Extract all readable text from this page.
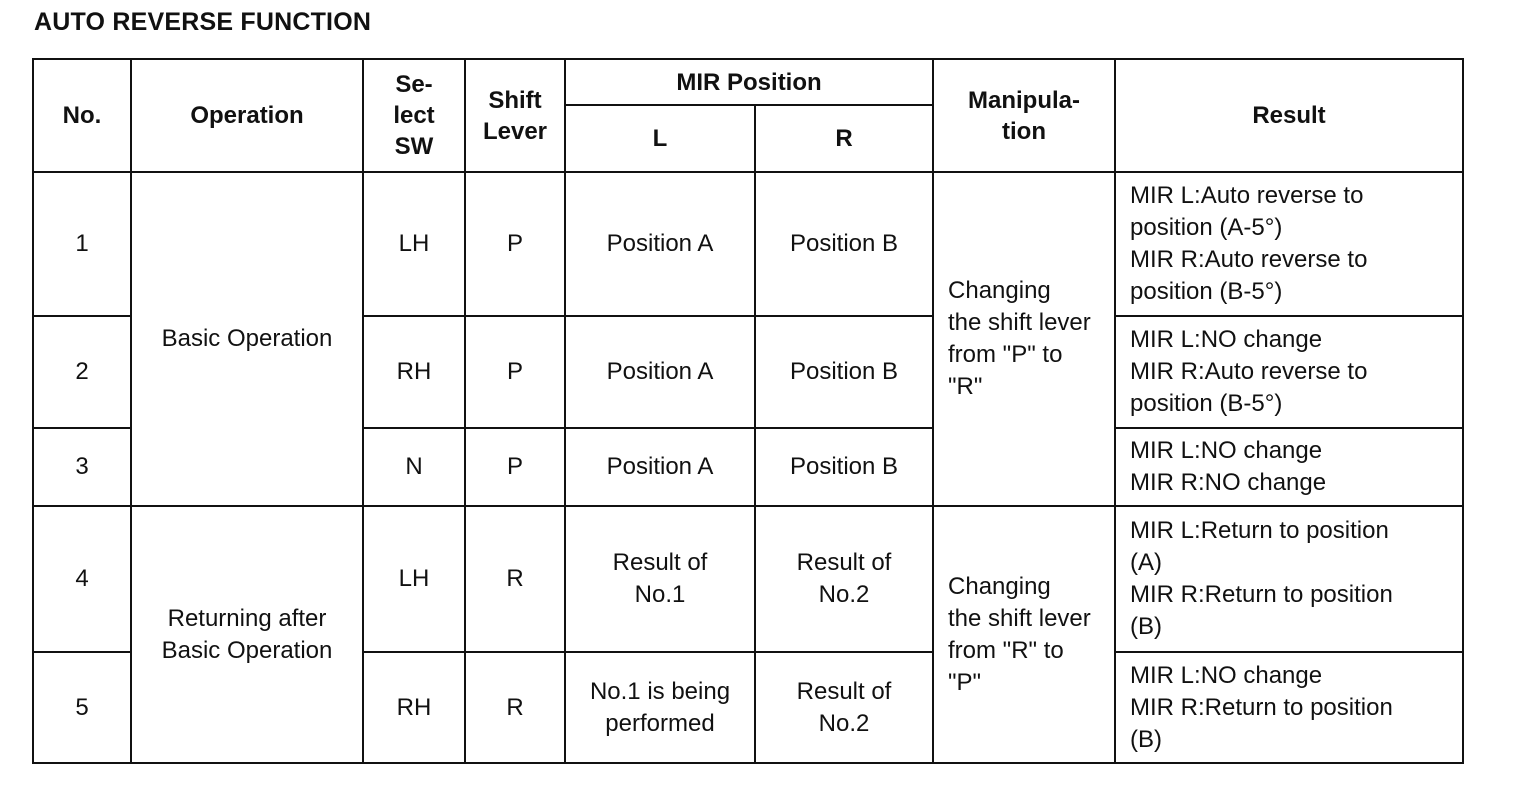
AUTO REVERSE FUNCTION
No.	Operation	Se-
lect
SW	Shift
Lever	MIR Position		Manipula-
tion	Result
				L	R		
1	Basic Operation	LH	P	Position A	Position B	Changing
the shift lever
from "P" to
"R"	MIR L:Auto reverse to
position (A-5°)
MIR R:Auto reverse to
position (B-5°)
2		RH	P	Position A	Position B		MIR L:NO change
MIR R:Auto reverse to
position (B-5°)
3		N	P	Position A	Position B		MIR L:NO change
MIR R:NO change
4	Returning after
Basic Operation	LH	R	Result of
No.1	Result of
No.2	Changing
the shift lever
from "R" to
"P"	MIR L:Return to position
(A)
MIR R:Return to position
(B)
5		RH	R	No.1 is being
performed	Result of
No.2		MIR L:NO change
MIR R:Return to position
(B)
